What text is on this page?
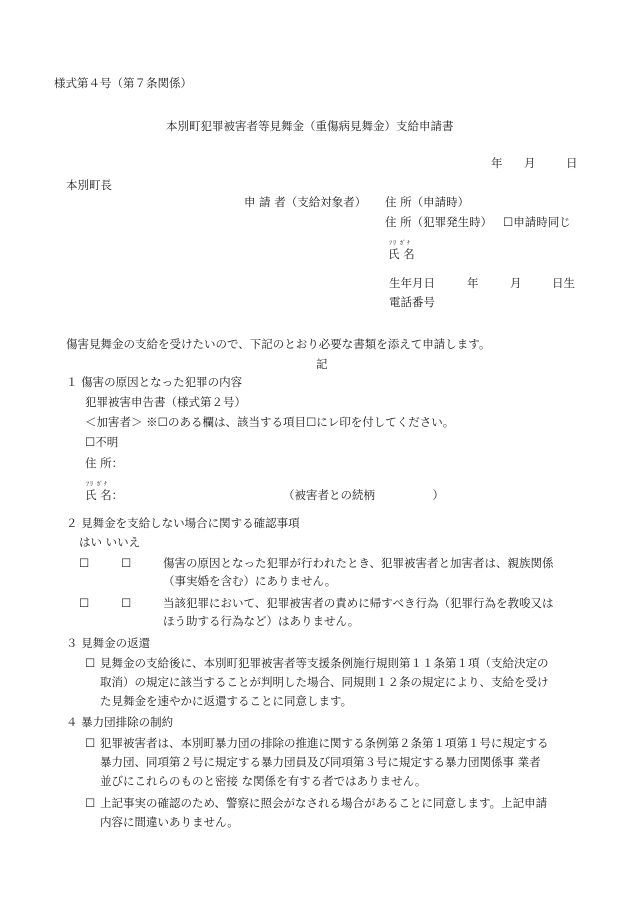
様式第４号（第７条関係）
本別町犯罪被害者等見舞金（重傷病見舞金）支給申請書
年 月	日
本別町長
申 請 者（支給対象者） 住 所（申請時）
住 所（犯罪発生時） ☐申請時同じ
ﾌﾘ ｶﾞﾅ
氏 名
生年月日	年	月	日生
電話番号
傷害見舞金の支給を受けたいので、下記のとおり必要な書類を添えて申請します。
記
１ 傷害の原因となった犯罪の内容
犯罪被害申告書（様式第２号）
＜加害者＞ ※☐のある欄は、該当する項目☐にレ印を付してください。
☐不明
住 所：
ﾌﾘ ｶﾞﾅ
氏 名：	（被害者との続柄　　　　　）
２ 見舞金を支給しない場合に関する確認事項
はい いいえ
☐	☐	傷害の原因となった犯罪が行われたとき、犯罪被害者と加害者は、親族関係
（事実婚を含む）にありません。
☐	☐	当該犯罪において、犯罪被害者の責めに帰すべき行為（犯罪行為を教唆又は
ほう助する行為など）はありません。
３ 見舞金の返還
☐ 見舞金の支給後に、本別町犯罪被害者等支援条例施行規則第１１条第１項（支給決定の
取消）の規定に該当することが判明した場合、同規則１２条の規定により、支給を受け
た見舞金を速やかに返還することに同意します。
４ 暴力団排除の制約
☐ 犯罪被害者は、本別町暴力団の排除の推進に関する条例第２条第１項第１号に規定する
暴力団、同項第２号に規定する暴力団員及び同項第３号に規定する暴力団関係事 業者
並びにこれらのものと密接 な関係を有する者ではありません。
☐ 上記事実の確認のため、警察に照会がなされる場合があることに同意します。上記申請
内容に間違いありません。
